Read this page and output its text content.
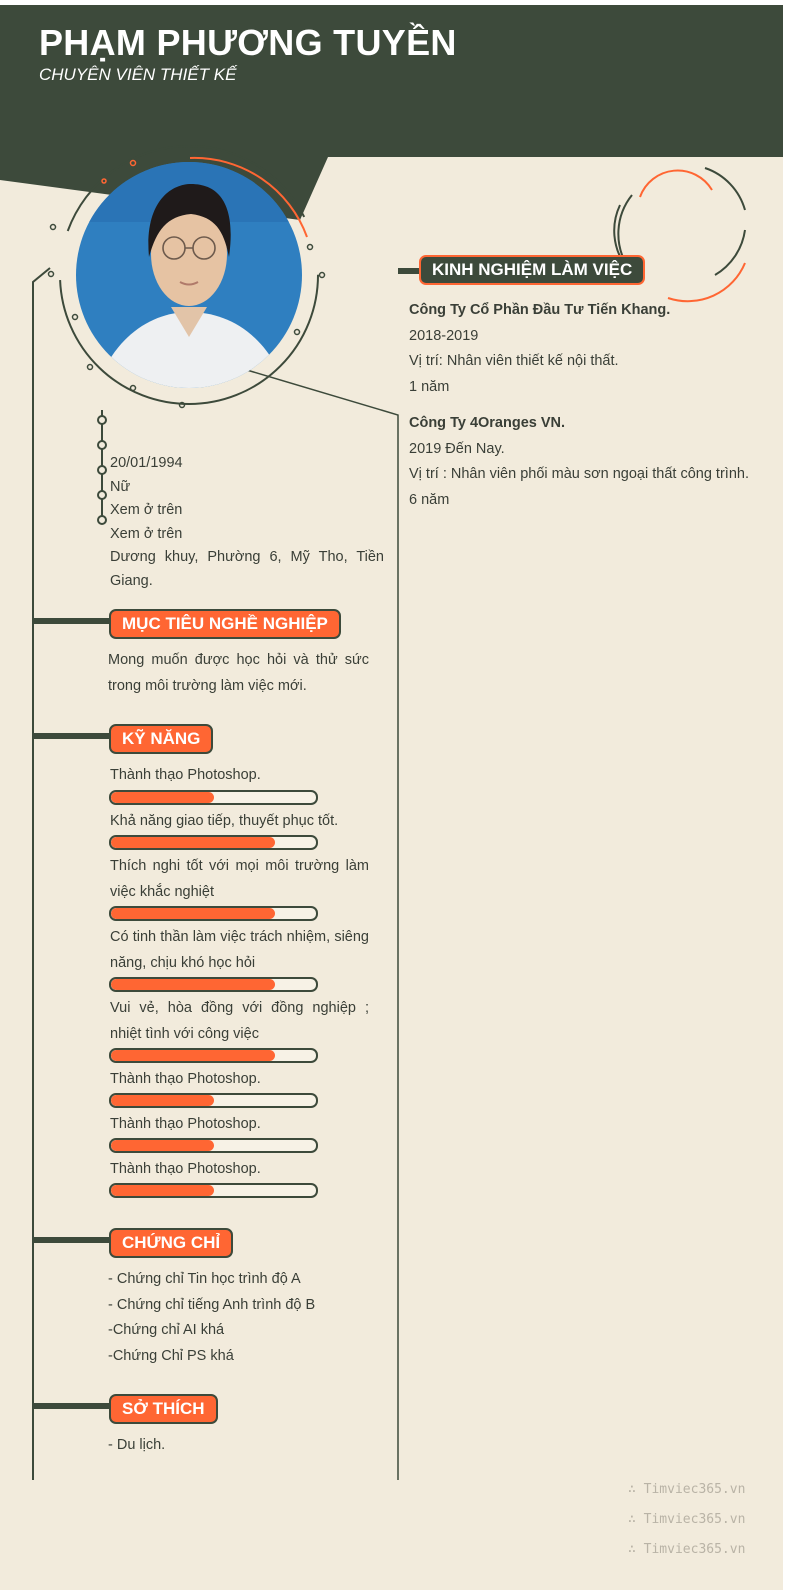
PHẠM PHƯƠNG TUYỀN
CHUYÊN VIÊN THIẾT KẾ
20/01/1994
Nữ
Xem ở trên
Xem ở trên
Dương khuy, Phường 6, Mỹ Tho, Tiền Giang.
MỤC TIÊU NGHỀ NGHIỆP
Mong muốn được học hỏi và thử sức trong môi trường làm việc mới.
KỸ NĂNG
Thành thạo Photoshop.
Khả năng giao tiếp, thuyết phục tốt.
Thích nghi tốt với mọi môi trường làm việc khắc nghiệt
Có tinh thần làm việc trách nhiệm, siêng năng, chịu khó học hỏi
Vui vẻ, hòa đồng với đồng nghiệp ; nhiệt tình với công việc
Thành thạo Photoshop.
Thành thạo Photoshop.
Thành thạo Photoshop.
CHỨNG CHỈ
- Chứng chỉ Tin học trình độ A
- Chứng chỉ tiếng Anh trình độ B
-Chứng chỉ AI khá
-Chứng Chỉ PS khá
SỞ THÍCH
- Du lịch.
KINH NGHIỆM LÀM VIỆC
Công Ty Cổ Phần Đầu Tư Tiến Khang.
2018-2019
Vị trí: Nhân viên thiết kế nội thất.
1 năm
Công Ty 4Oranges VN.
2019 Đến Nay.
Vị trí : Nhân viên phối màu sơn ngoại thất công trình.
6 năm
∴ Timviec365.vn
∴ Timviec365.vn
∴ Timviec365.vn
